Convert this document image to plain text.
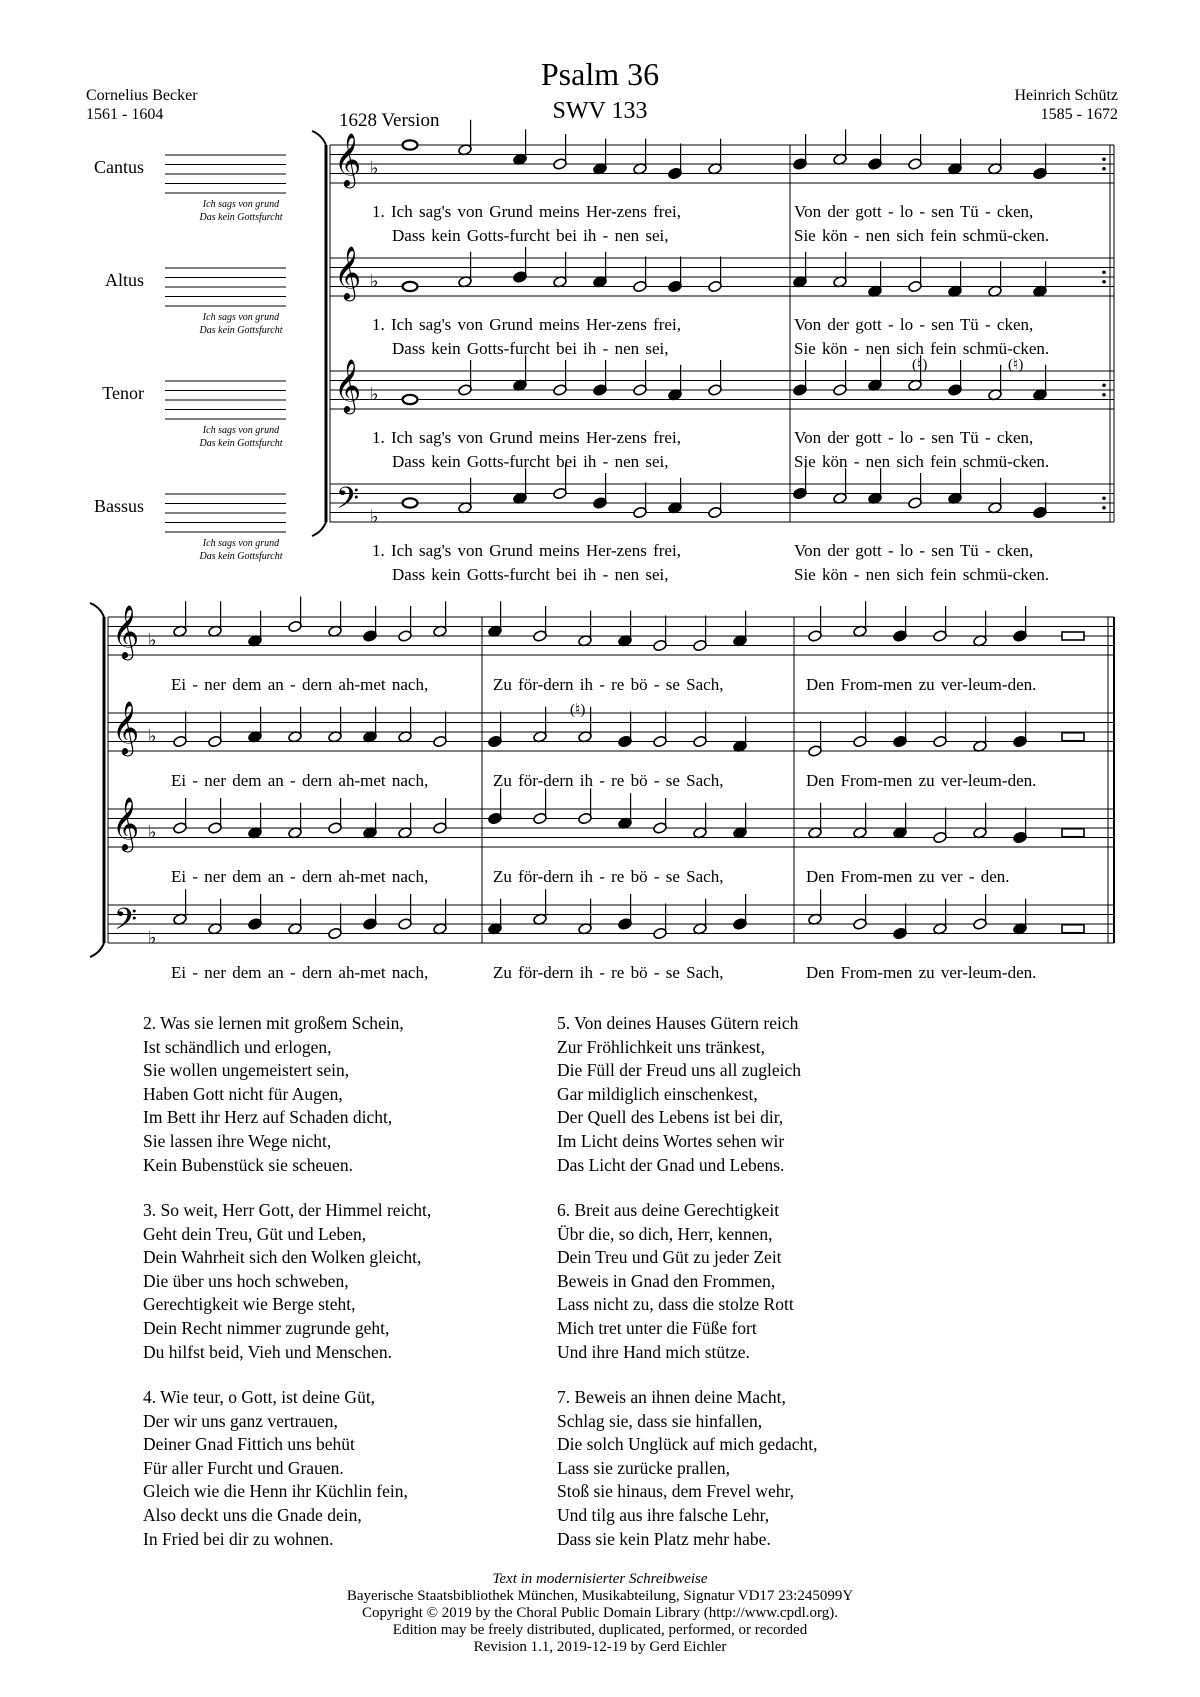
Psalm 36
SWV 133
1628 Version
Cornelius Becker
1561 - 1604
Heinrich Schütz
1585 - 1672
Cantus
Altus
Tenor
Bassus
Ich sags von grund
Das kein Gottsfurcht
Ich sags von grund
Das kein Gottsfurcht
Ich sags von grund
Das kein Gottsfurcht
Ich sags von grund
Das kein Gottsfurcht
𝄞 ♭
𝄞 ♭
𝄞 ♭
𝄢 ♭
𝄞 ♭
𝄞 ♭
𝄞 ♭
𝄢 ♭
1. Ich sag's von Grund meins Her-zens frei,	Von der gott - lo - sen Tü - cken,
Dass kein Gotts-furcht bei ih - nen sei,	Sie kön - nen sich fein schmü-cken.
1. Ich sag's von Grund meins Her-zens frei,	Von der gott - lo - sen Tü - cken,
Dass kein Gotts-furcht bei ih - nen sei,	Sie kön - nen sich fein schmü-cken.
1. Ich sag's von Grund meins Her-zens frei,	Von der gott - lo - sen Tü - cken,
Dass kein Gotts-furcht bei ih - nen sei,	Sie kön - nen sich fein schmü-cken.
1. Ich sag's von Grund meins Her-zens frei,	Von der gott - lo - sen Tü - cken,
Dass kein Gotts-furcht bei ih - nen sei,	Sie kön - nen sich fein schmü-cken.
(♮)	(♮)
(♮)
Ei - ner dem an - dern ah-met nach,	Zu för-dern ih - re bö - se Sach,	Den From-men zu ver-leum-den.
Ei - ner dem an - dern ah-met nach,	Zu för-dern ih - re bö - se Sach,	Den From-men zu ver-leum-den.
Ei - ner dem an - dern ah-met nach,	Zu för-dern ih - re bö - se Sach,	Den From-men zu ver - den.
Ei - ner dem an - dern ah-met nach,	Zu för-dern ih - re bö - se Sach,	Den From-men zu ver-leum-den.
2. Was sie lernen mit großem Schein,
Ist schändlich und erlogen,
Sie wollen ungemeistert sein,
Haben Gott nicht für Augen,
Im Bett ihr Herz auf Schaden dicht,
Sie lassen ihre Wege nicht,
Kein Bubenstück sie scheuen.
3. So weit, Herr Gott, der Himmel reicht,
Geht dein Treu, Güt und Leben,
Dein Wahrheit sich den Wolken gleicht,
Die über uns hoch schweben,
Gerechtigkeit wie Berge steht,
Dein Recht nimmer zugrunde geht,
Du hilfst beid, Vieh und Menschen.
4. Wie teur, o Gott, ist deine Güt,
Der wir uns ganz vertrauen,
Deiner Gnad Fittich uns behüt
Für aller Furcht und Grauen.
Gleich wie die Henn ihr Küchlin fein,
Also deckt uns die Gnade dein,
In Fried bei dir zu wohnen.
5. Von deines Hauses Gütern reich
Zur Fröhlichkeit uns tränkest,
Die Füll der Freud uns all zugleich
Gar mildiglich einschenkest,
Der Quell des Lebens ist bei dir,
Im Licht deins Wortes sehen wir
Das Licht der Gnad und Lebens.
6. Breit aus deine Gerechtigkeit
Übr die, so dich, Herr, kennen,
Dein Treu und Güt zu jeder Zeit
Beweis in Gnad den Frommen,
Lass nicht zu, dass die stolze Rott
Mich tret unter die Füße fort
Und ihre Hand mich stütze.
7. Beweis an ihnen deine Macht,
Schlag sie, dass sie hinfallen,
Die solch Unglück auf mich gedacht,
Lass sie zurücke prallen,
Stoß sie hinaus, dem Frevel wehr,
Und tilg aus ihre falsche Lehr,
Dass sie kein Platz mehr habe.
Text in modernisierter Schreibweise
Bayerische Staatsbibliothek München, Musikabteilung, Signatur VD17 23:245099Y
Copyright © 2019 by the Choral Public Domain Library (http://www.cpdl.org).
Edition may be freely distributed, duplicated, performed, or recorded
Revision 1.1, 2019-12-19 by Gerd Eichler
